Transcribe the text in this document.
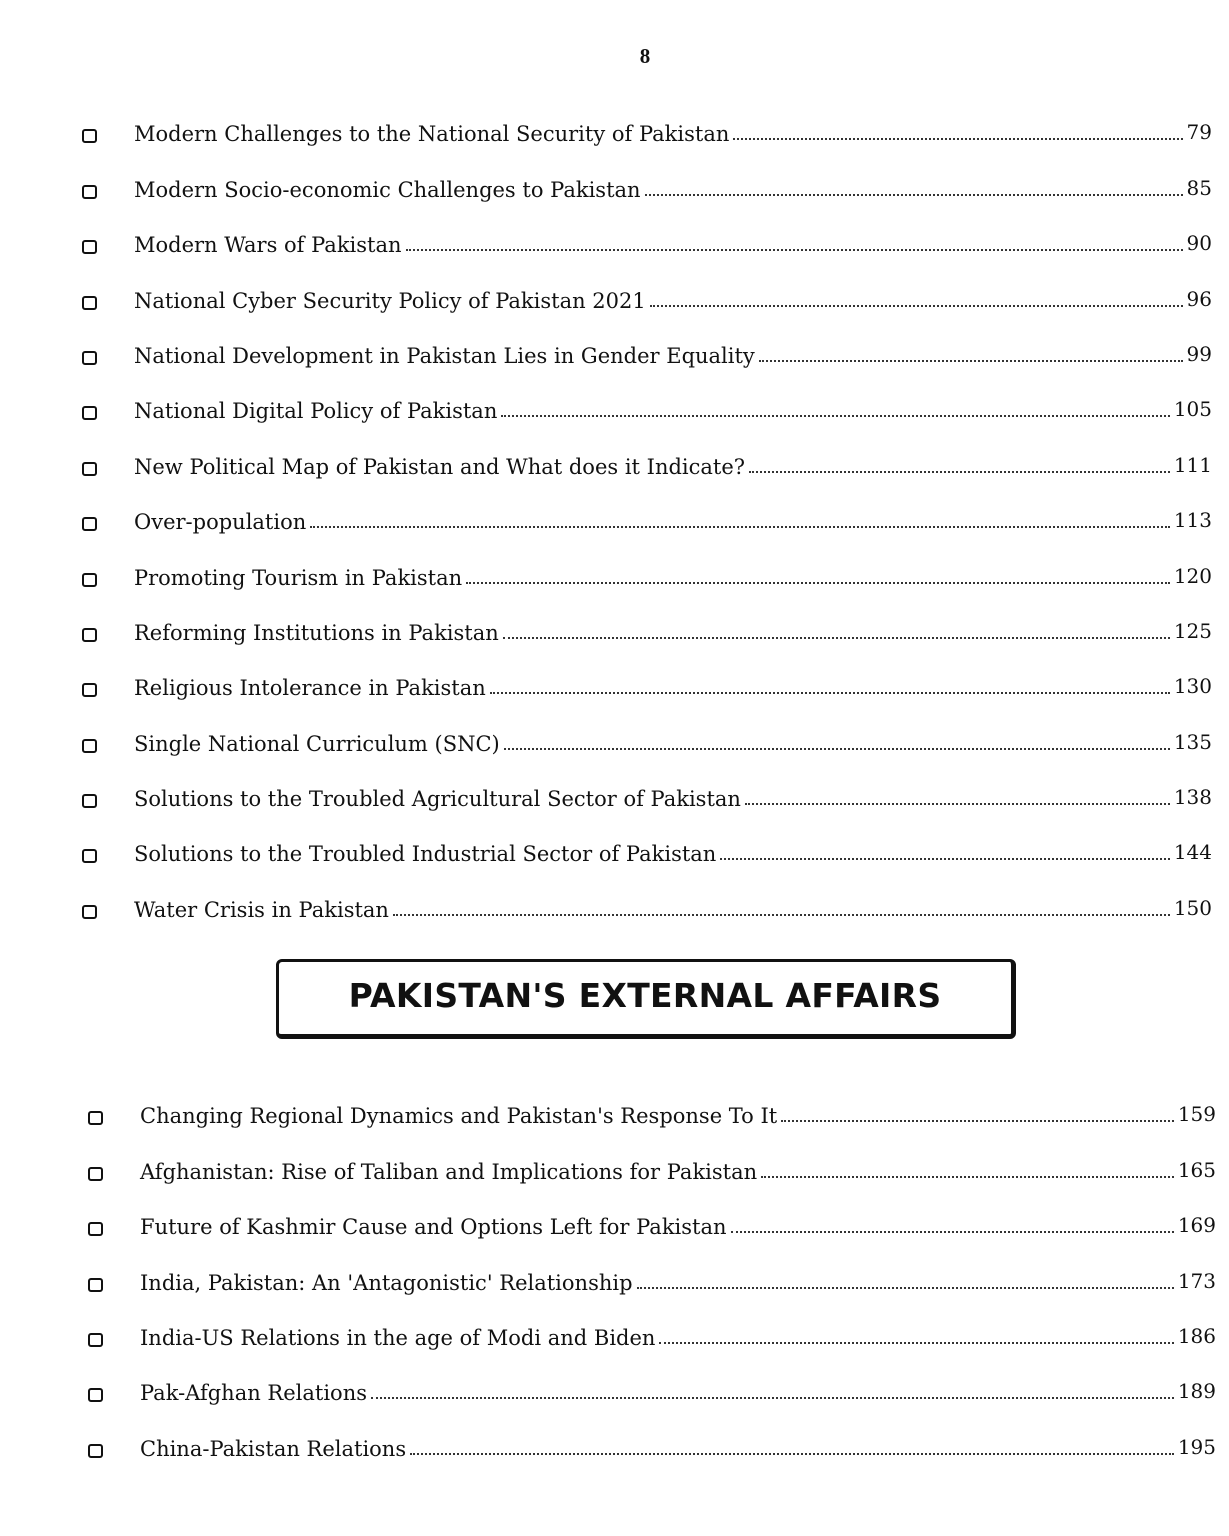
8
Modern Challenges to the National Security of Pakistan	79
Modern Socio-economic Challenges to Pakistan	85
Modern Wars of Pakistan	90
National Cyber Security Policy of Pakistan 2021	96
National Development in Pakistan Lies in Gender Equality	99
National Digital Policy of Pakistan	105
New Political Map of Pakistan and What does it Indicate?	111
Over-population	113
Promoting Tourism in Pakistan	120
Reforming Institutions in Pakistan	125
Religious Intolerance in Pakistan	130
Single National Curriculum (SNC)	135
Solutions to the Troubled Agricultural Sector of Pakistan	138
Solutions to the Troubled Industrial Sector of Pakistan	144
Water Crisis in Pakistan	150
PAKISTAN'S EXTERNAL AFFAIRS
Changing Regional Dynamics and Pakistan's Response To It	159
Afghanistan: Rise of Taliban and Implications for Pakistan	165
Future of Kashmir Cause and Options Left for Pakistan	169
India, Pakistan: An 'Antagonistic' Relationship	173
India-US Relations in the age of Modi and Biden	186
Pak-Afghan Relations	189
China-Pakistan Relations	195
